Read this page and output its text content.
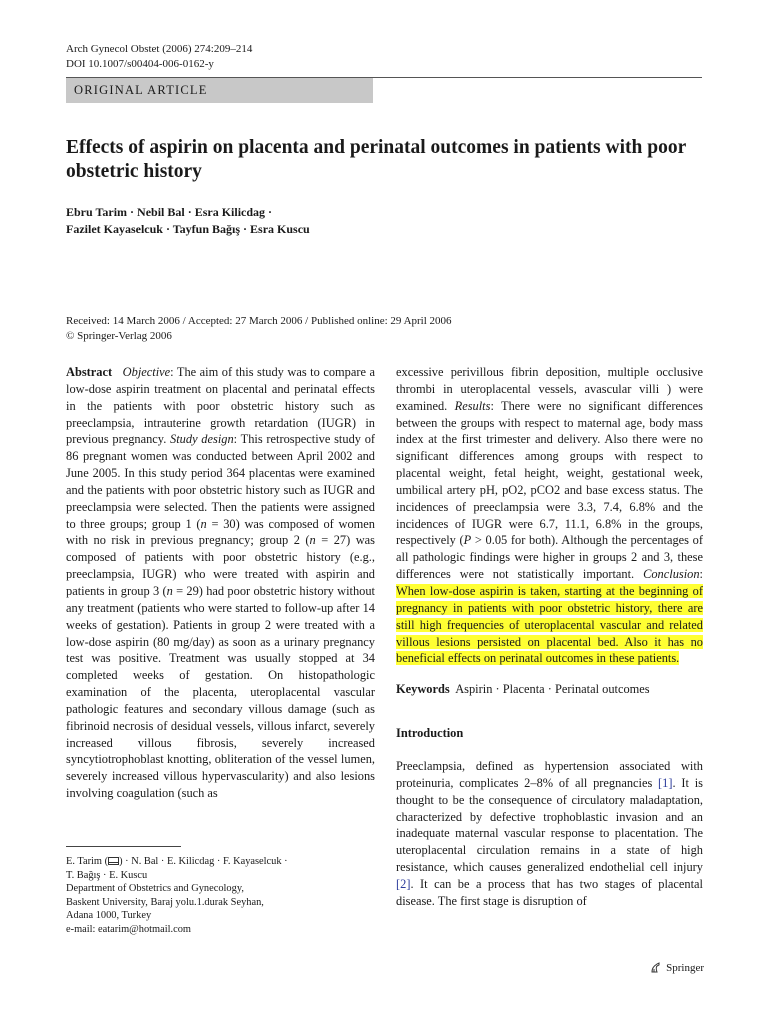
Arch Gynecol Obstet (2006) 274:209–214
DOI 10.1007/s00404-006-0162-y
ORIGINAL ARTICLE
Effects of aspirin on placenta and perinatal outcomes in patients with poor obstetric history
Ebru Tarim · Nebil Bal · Esra Kilicdag ·
Fazilet Kayaselcuk · Tayfun Bağış · Esra Kuscu
Received: 14 March 2006 / Accepted: 27 March 2006 / Published online: 29 April 2006
© Springer-Verlag 2006
Abstract Objective: The aim of this study was to compare a low-dose aspirin treatment on placental and perinatal effects in the patients with poor obstetric history such as preeclampsia, intrauterine growth retardation (IUGR) in previous pregnancy. Study design: This retrospective study of 86 pregnant women was conducted between April 2002 and June 2005. In this study period 364 placentas were examined and the patients with poor obstetric history such as IUGR and preeclampsia were selected. Then the patients were assigned to three groups; group 1 (n = 30) was composed of women with no risk in previous pregnancy; group 2 (n = 27) was composed of patients with poor obstetric history (e.g., preeclampsia, IUGR) who were treated with aspirin and patients in group 3 (n = 29) had poor obstetric history without any treatment (patients who were started to follow-up after 14 weeks of gestation). Patients in group 2 were treated with a low-dose aspirin (80 mg/day) as soon as a urinary pregnancy test was positive. Treatment was usually stopped at 34 completed weeks of gestation. On histopathologic examination of the placenta, uteroplacental vascular pathologic features and secondary villous damage (such as fibrinoid necrosis of desidual vessels, villous infarct, severely increased villous fibrosis, severely increased syncytiotrophoblast knotting, obliteration of the vessel lumen, severely increased villous hypervascularity) and also lesions involving coagulation (such as
excessive perivillous fibrin deposition, multiple occlusive thrombi in uteroplacental vessels, avascular villi ) were examined. Results: There were no significant differences between the groups with respect to maternal age, body mass index at the first trimester and delivery. Also there were no significant differences among groups with respect to placental weight, fetal height, weight, gestational week, umbilical artery pH, pO2, pCO2 and base excess status. The incidences of preeclampsia were 3.3, 7.4, 6.8% and the incidences of IUGR were 6.7, 11.1, 6.8% in the groups, respectively (P > 0.05 for both). Although the percentages of all pathologic findings were higher in groups 2 and 3, these differences were not statistically important. Conclusion: When low-dose aspirin is taken, starting at the beginning of pregnancy in patients with poor obstetric history, there are still high frequencies of uteroplacental vascular and related villous lesions persisted on placental bed. Also it has no beneficial effects on perinatal outcomes in these patients.
Keywords Aspirin · Placenta · Perinatal outcomes
Introduction
Preeclampsia, defined as hypertension associated with proteinuria, complicates 2–8% of all pregnancies [1]. It is thought to be the consequence of circulatory maladaptation, characterized by defective trophoblastic invasion and an inadequate maternal vascular response to placentation. The uteroplacental circulation remains in a state of high resistance, which causes generalized endothelial cell injury [2]. It can be a process that has two stages of placental disease. The first stage is disruption of
E. Tarim ( ) · N. Bal · E. Kilicdag · F. Kayaselcuk ·
T. Bağış · E. Kuscu
Department of Obstetrics and Gynecology,
Baskent University, Baraj yolu.1.durak Seyhan,
Adana 1000, Turkey
e-mail: eatarim@hotmail.com
Springer
